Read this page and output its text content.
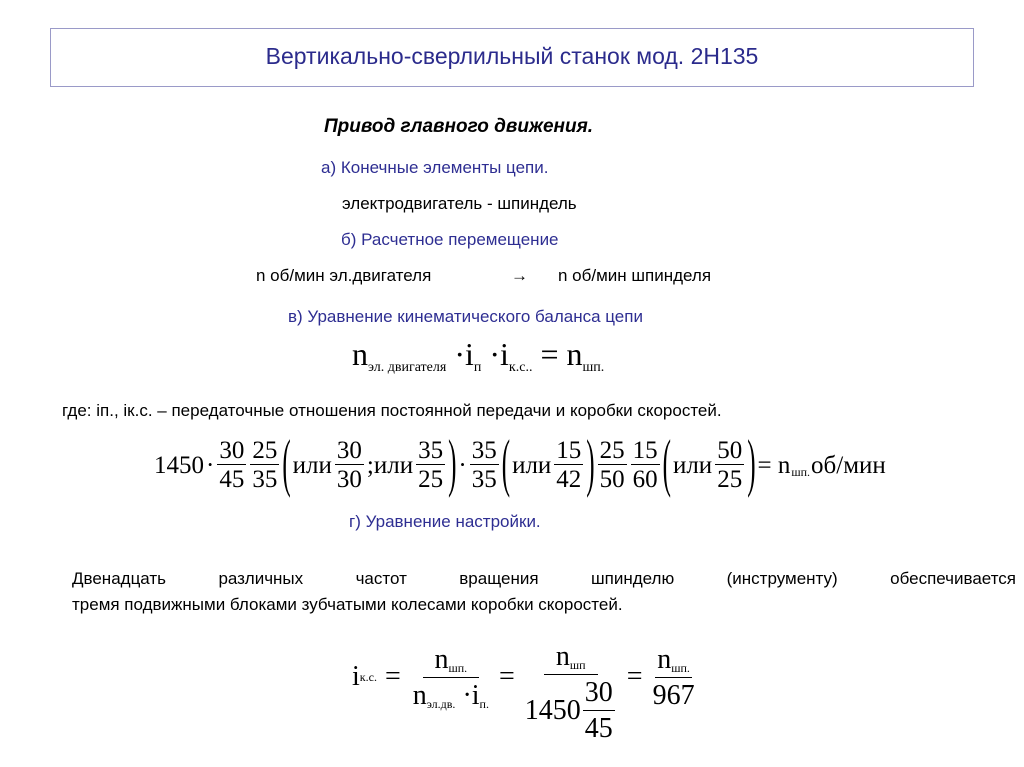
Вертикально-сверлильный станок мод. 2Н135
Привод главного движения.
а) Конечные элементы цепи.
электродвигатель - шпиндель
б) Расчетное перемещение
n об/мин эл.двигателя	→ n об/мин шпинделя
в) Уравнение кинематического баланса цепи
$n_{эл. двигателя} \cdot i_п \cdot i_{к.с..} = n_{шп.}$
где: iп., iк.с. – передаточные отношения постоянной передачи и коробки скоростей.
$1450 \cdot \frac{30}{45} \frac{25}{35}$ ( или $\frac{30}{30}$ ;или $\frac{35}{25}$ ) · $\frac{35}{35}$ ( или $\frac{15}{42}$ ) $\frac{25}{50} \frac{15}{60}$ ( или $\frac{50}{25}$ ) = n шп. об/мин
г) Уравнение настройки.
Двенадцать различных частот вращения шпинделю (инструменту) обеспечивается
тремя подвижными блоками зубчатыми колесами коробки скоростей.
i к.с. = $\frac{n_{шп.}}{n_{эл.дв.} \cdot i_{п.}} = \frac{n_{шп}}{1450 \frac{30}{45}} = \frac{n_{шп.}}{967}$
